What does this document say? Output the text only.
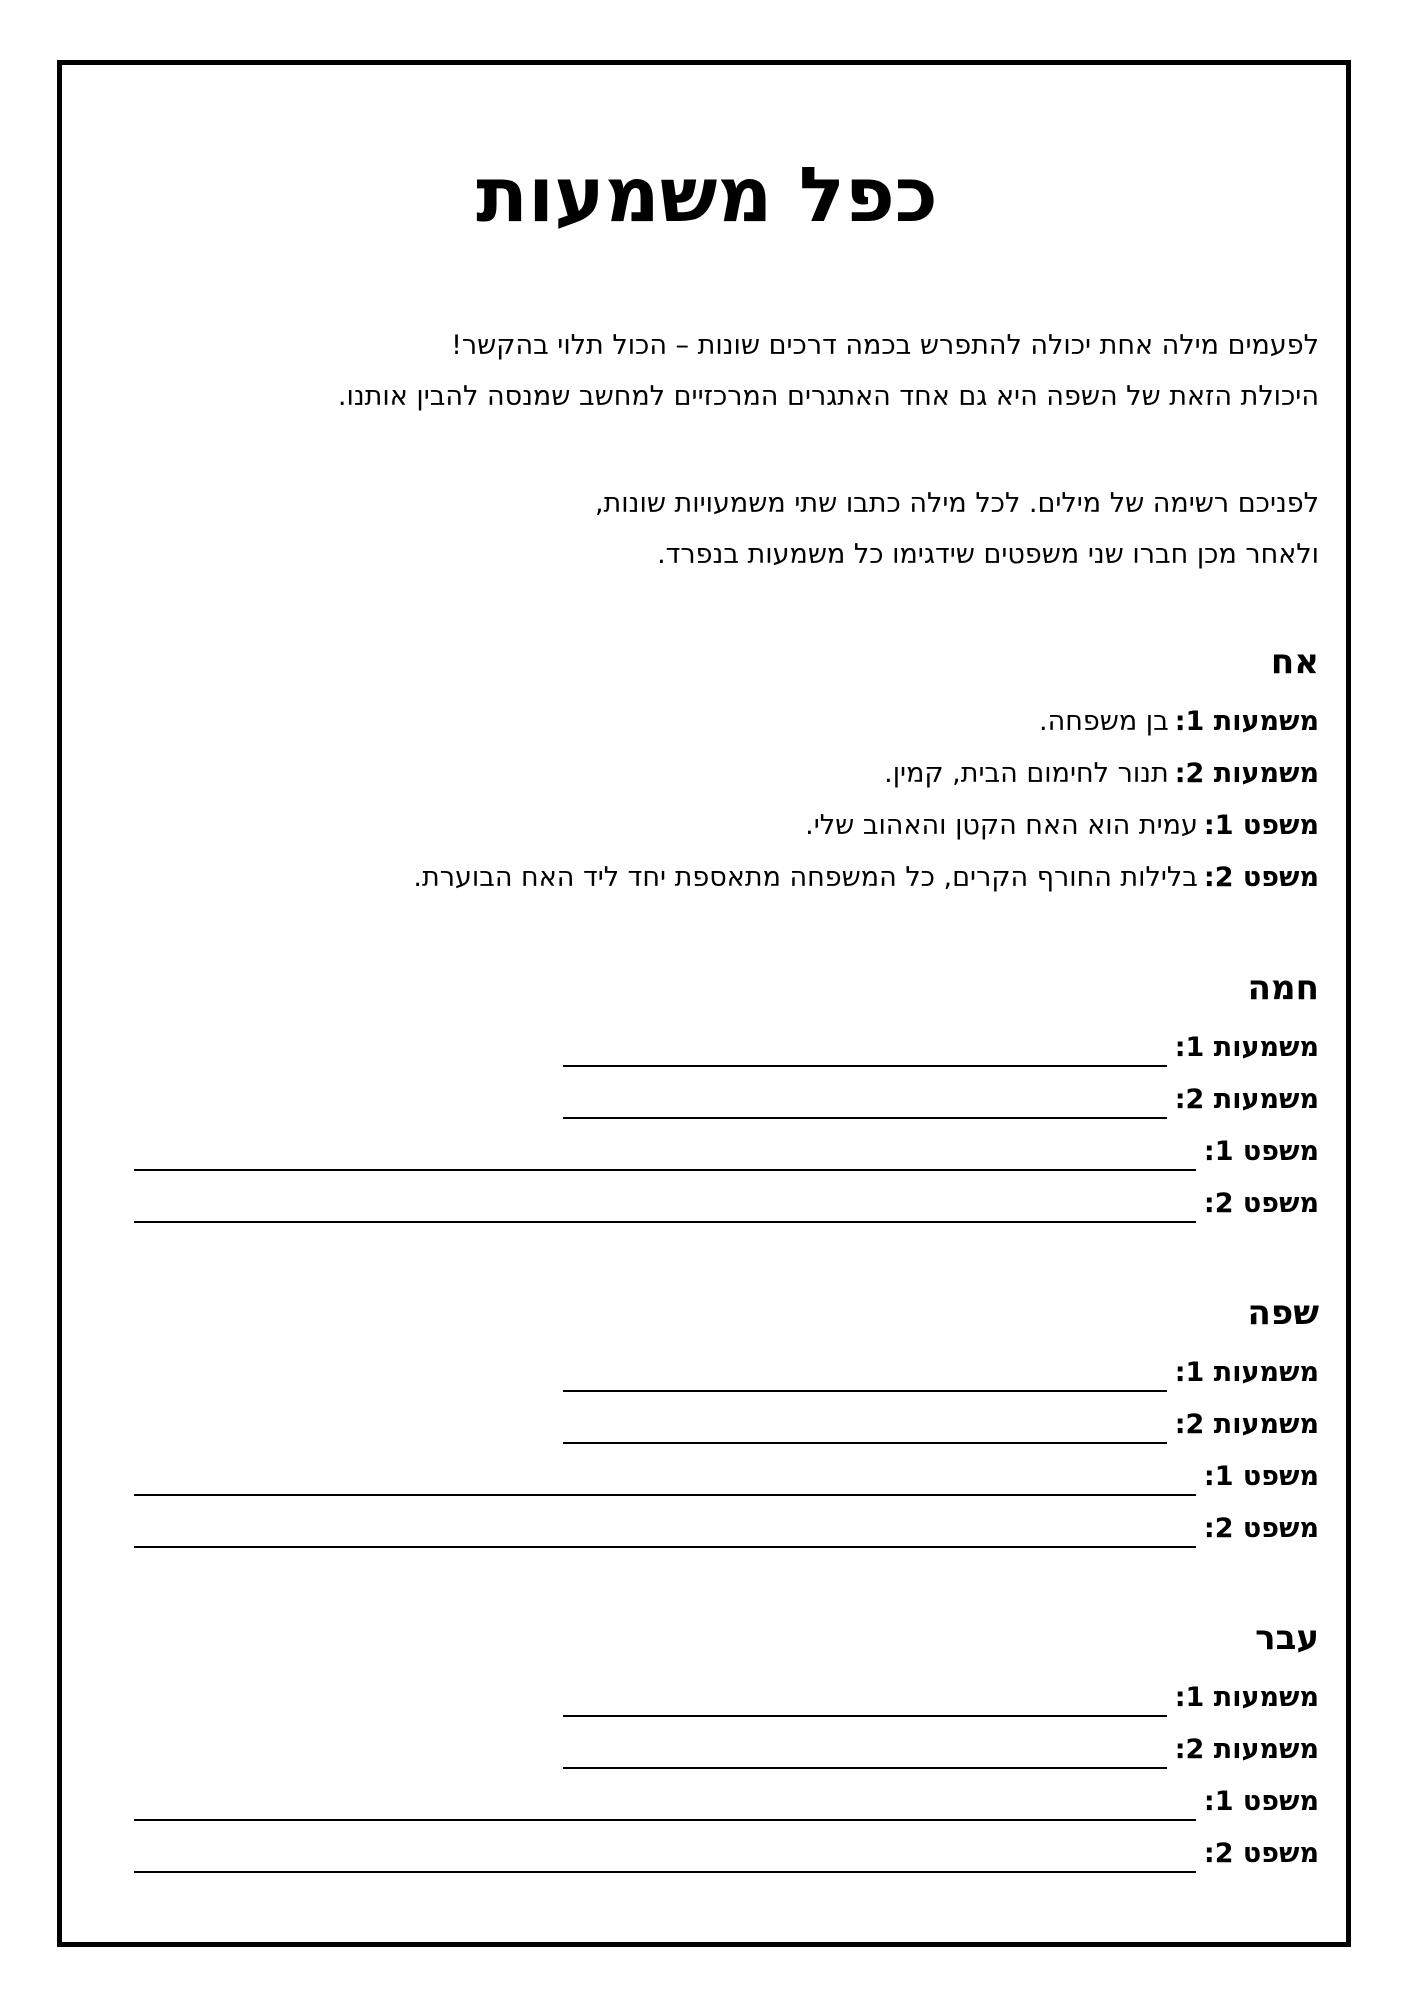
כפל משמעות
לפעמים מילה אחת יכולה להתפרש בכמה דרכים שונות – הכול תלוי בהקשר!
היכולת הזאת של השפה היא גם אחד האתגרים המרכזיים למחשב שמנסה להבין אותנו.
לפניכם רשימה של מילים. לכל מילה כתבו שתי משמעויות שונות,
ולאחר מכן חברו שני משפטים שידגימו כל משמעות בנפרד.
אח
משמעות 1:
בן משפחה.
משמעות 2:
תנור לחימום הבית, קמין.
משפט 1:
עמית הוא האח הקטן והאהוב שלי.
משפט 2:
בלילות החורף הקרים, כל המשפחה מתאספת יחד ליד האח הבוערת.
חמה
משמעות 1:
משמעות 2:
משפט 1:
משפט 2:
שפה
משמעות 1:
משמעות 2:
משפט 1:
משפט 2:
עבר
משמעות 1:
משמעות 2:
משפט 1:
משפט 2:
